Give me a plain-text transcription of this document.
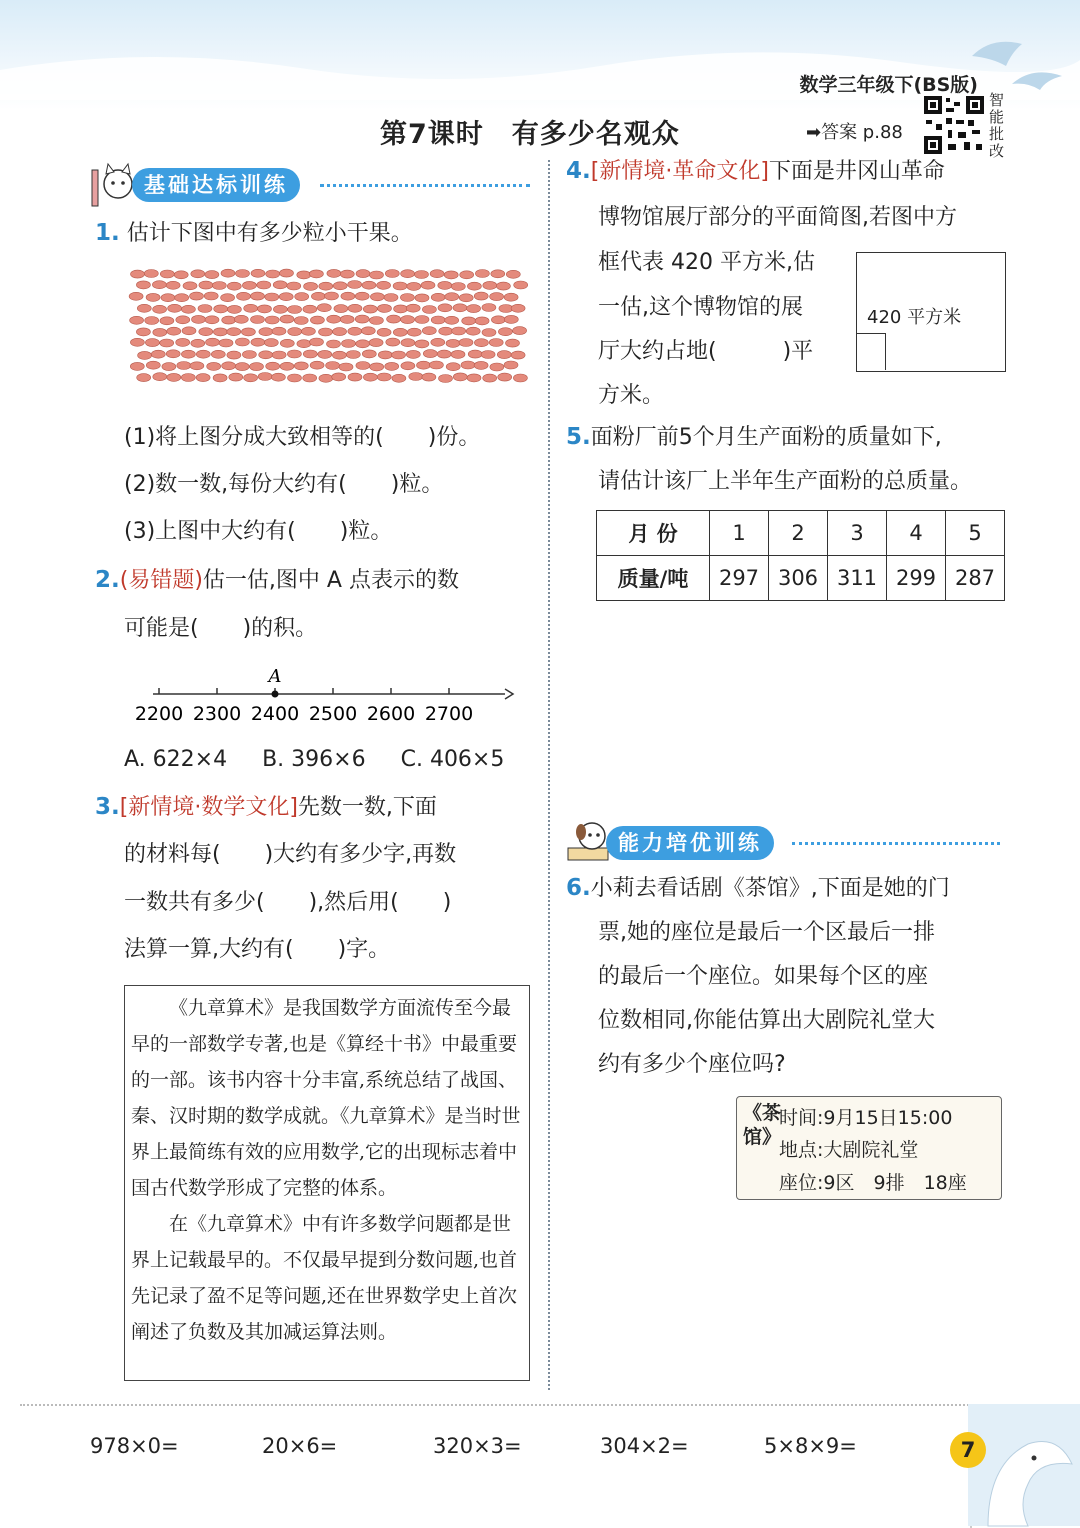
数学三年级下(BS版)
第7课时　有多少名观众	➡答案 p.88
智
能
批
改
基础达标训练
1. 估计下图中有多少粒小干果。
(1)将上图分成大致相等的(　　)份。
(2)数一数,每份大约有(　　)粒。
(3)上图中大约有(　　)粒。
2.(易错题)估一估,图中 A 点表示的数
可能是(　　)的积。
2200 2300 2400 2500 2600 2700
A
A. 622×4 B. 396×6 C. 406×5
3.[新情境·数学文化]先数一数,下面
的材料每(　　)大约有多少字,再数
一数共有多少(　　),然后用(　　)
法算一算,大约有(　　)字。

《九章算术》是我国数学方面流传至今最早的一部数学专著,也是《算经十书》中最重要的一部。该书内容十分丰富,系统总结了战国、秦、汉时期的数学成就。《九章算术》是当时世界上最简练有效的应用数学,它的出现标志着中国古代数学形成了完整的体系。

在《九章算术》中有许多数学问题都是世界上记载最早的。不仅最早提到分数问题,也首先记录了盈不足等问题,还在世界数学史上首次阐述了负数及其加减运算法则。

4.[新情境·革命文化]下面是井冈山革命
博物馆展厅部分的平面简图,若图中方
框代表 420 平方米,估
一估,这个博物馆的展
厅大约占地(　　　)平
方米。
420 平方米
5.面粉厂前5个月生产面粉的质量如下,
请估计该厂上半年生产面粉的总质量。
月 份	1	2	3	4	5
质量/吨	297	306	311	299	287
能力培优训练
6.小莉去看话剧《茶馆》,下面是她的门
票,她的座位是最后一个区最后一排
的最后一个座位。如果每个区的座
位数相同,你能估算出大剧院礼堂大
约有多少个座位吗?
《茶馆》
时间:9月15日15:00
地点:大剧院礼堂
座位:9区　9排　18座
978×0=	20×6=	320×3=	304×2=	5×8×9=	7
